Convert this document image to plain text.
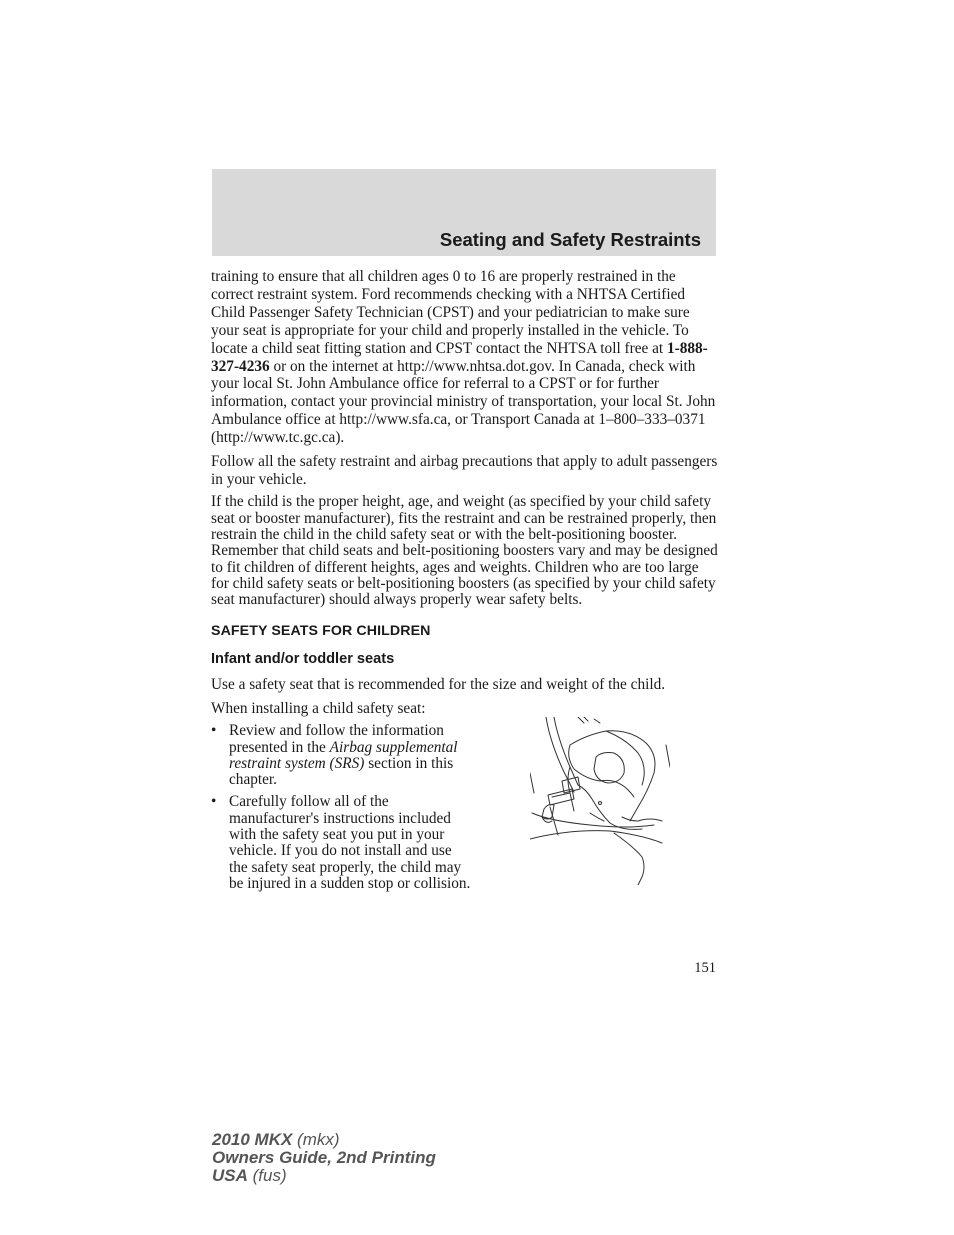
Seating and Safety Restraints

training to ensure that all children ages 0 to 16 are properly restrained in the correct restraint system. Ford recommends checking with a NHTSA Certified Child Passenger Safety Technician (CPST) and your pediatrician to make sure your seat is appropriate for your child and properly installed in the vehicle. To locate a child seat fitting station and CPST contact the NHTSA toll free at 1-888-327-4236 or on the internet at http://www.nhtsa.dot.gov. In Canada, check with your local St. John Ambulance office for referral to a CPST or for further information, contact your provincial ministry of transportation, your local St. John Ambulance office at http://www.sfa.ca, or Transport Canada at 1–800–333–0371 (http://www.tc.gc.ca).

Follow all the safety restraint and airbag precautions that apply to adult passengers in your vehicle.

If the child is the proper height, age, and weight (as specified by your child safety seat or booster manufacturer), fits the restraint and can be restrained properly, then restrain the child in the child safety seat or with the belt-positioning booster. Remember that child seats and belt-positioning boosters vary and may be designed to fit children of different heights, ages and weights. Children who are too large for child safety seats or belt-positioning boosters (as specified by your child safety seat manufacturer) should always properly wear safety belts.

SAFETY SEATS FOR CHILDREN
Infant and/or toddler seats

Use a safety seat that is recommended for the size and weight of the child.

When installing a child safety seat:

• Review and follow the information presented in the Airbag supplemental restraint system (SRS) section in this chapter.
• Carefully follow all of the manufacturer's instructions included with the safety seat you put in your vehicle. If you do not install and use the safety seat properly, the child may be injured in a sudden stop or collision.
151
2010 MKX (mkx)
Owners Guide, 2nd Printing
USA (fus)
